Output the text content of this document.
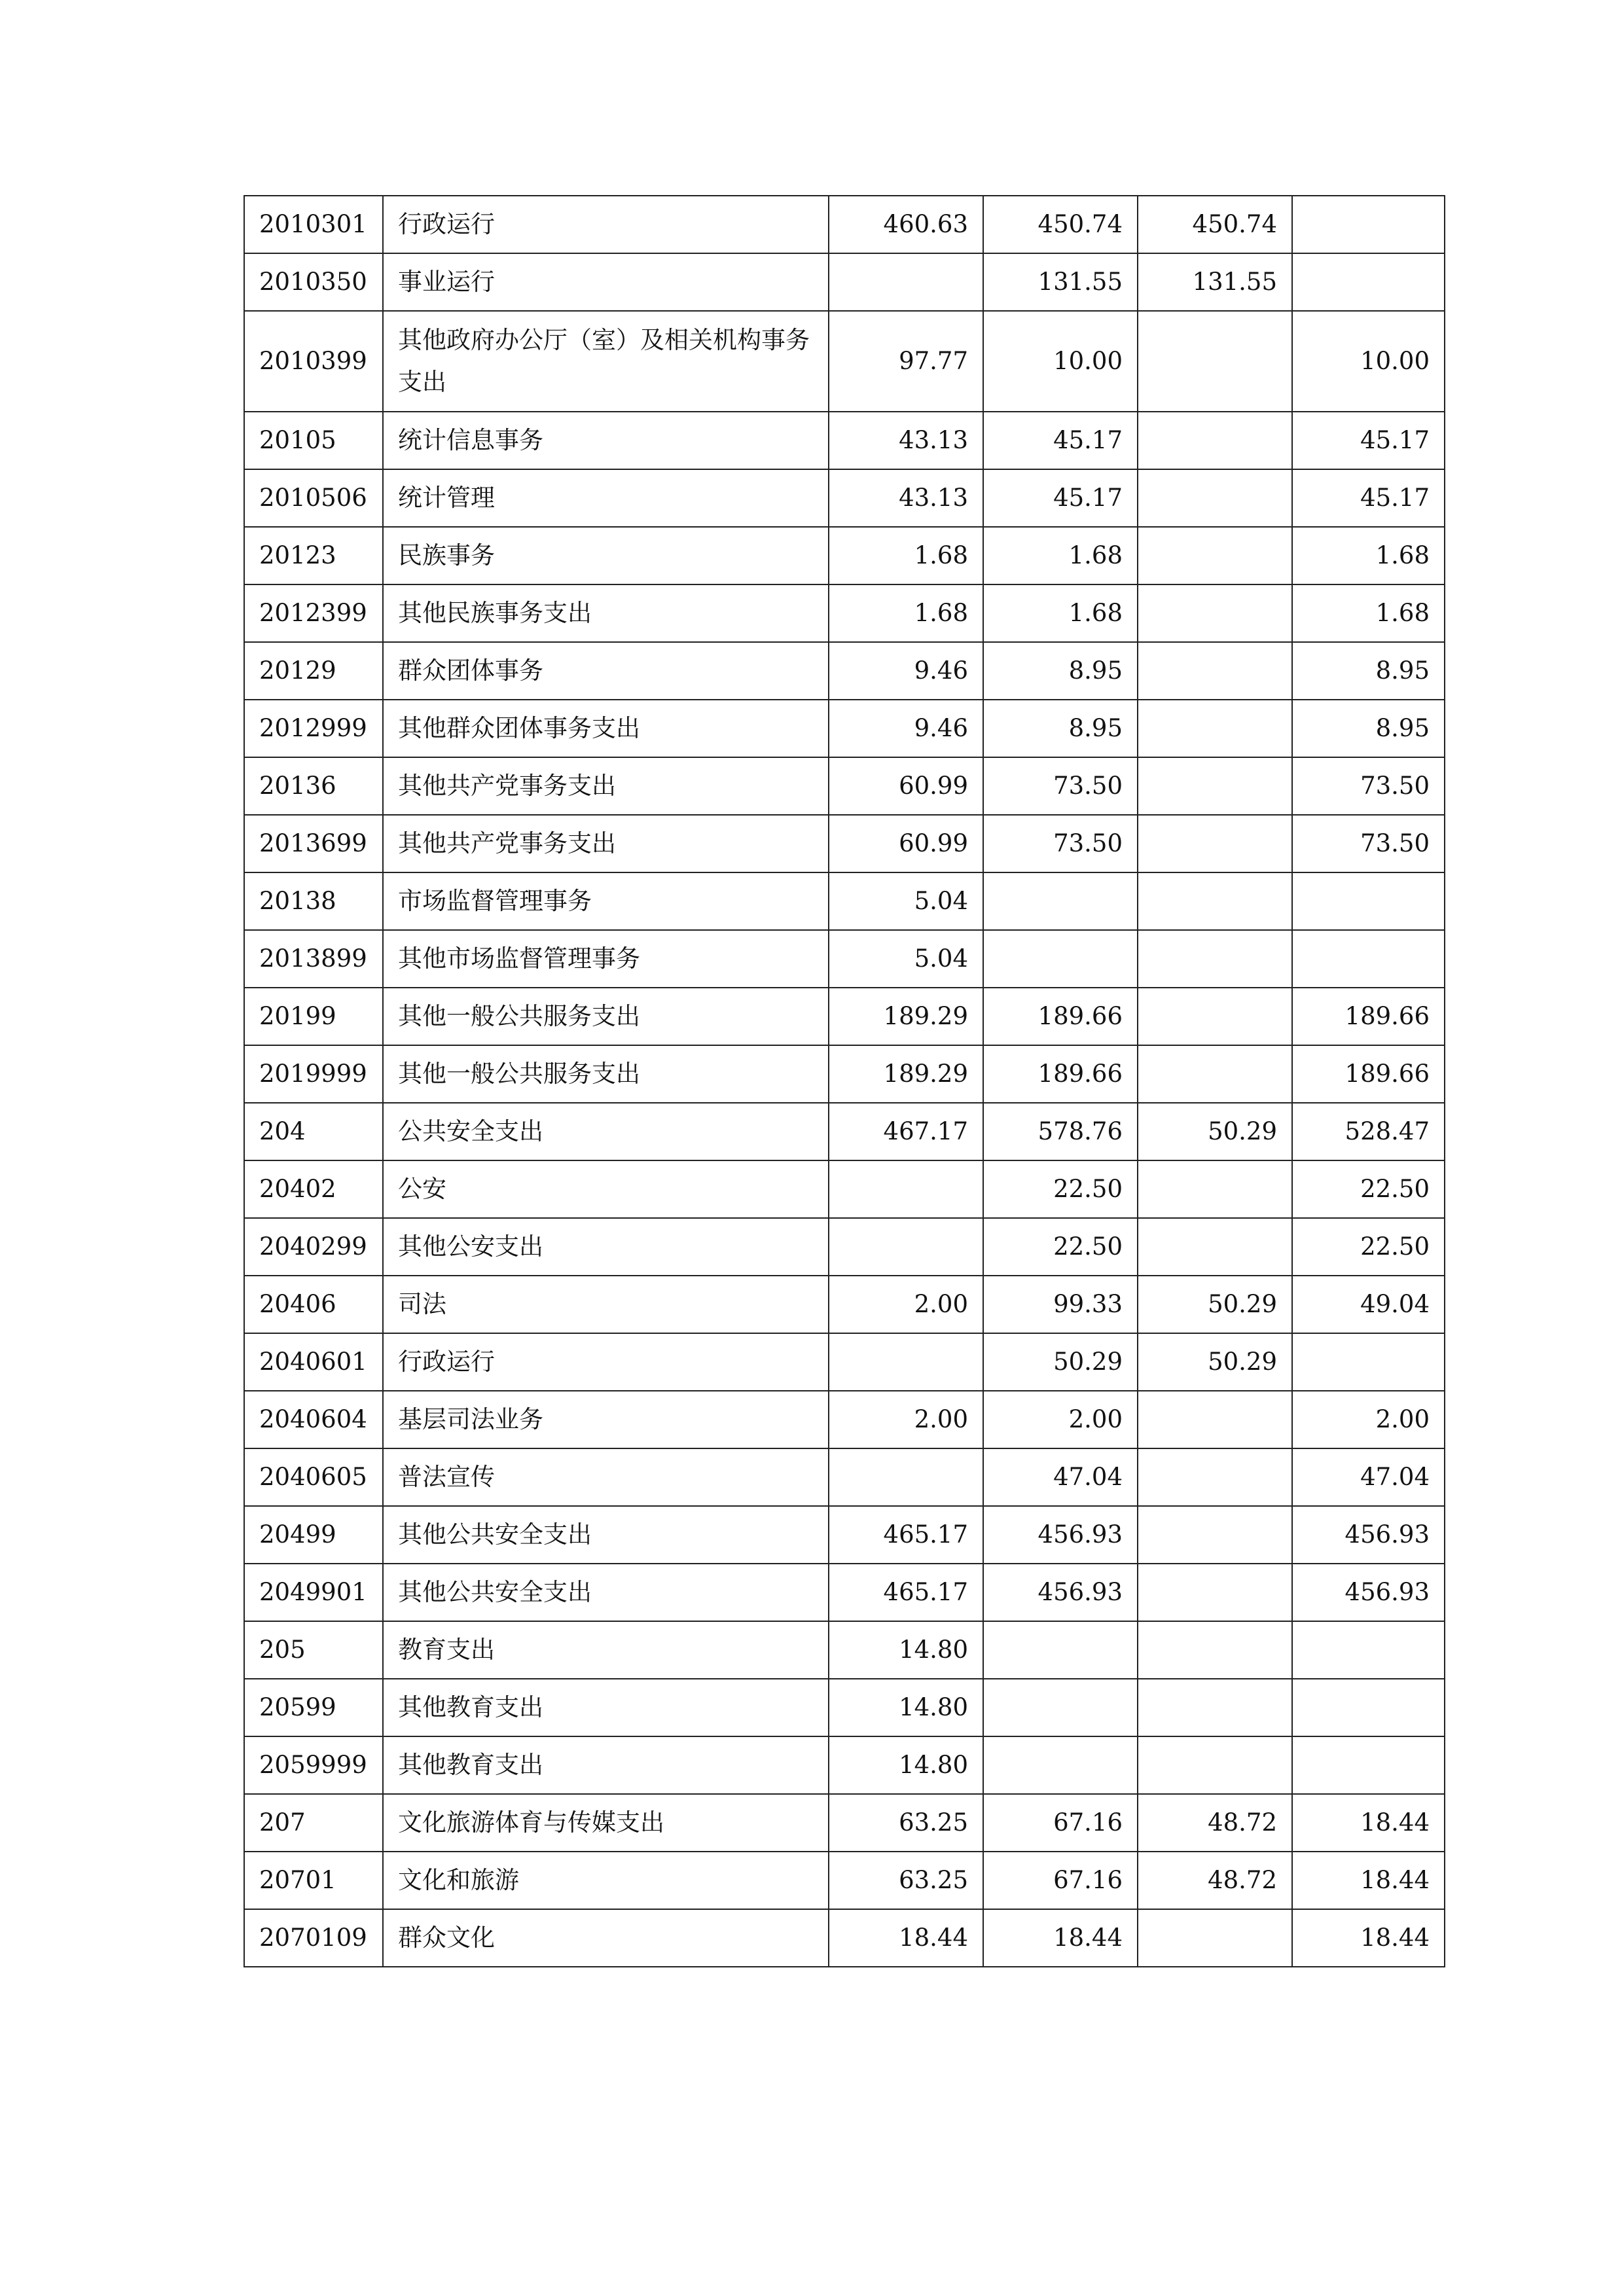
2010301	行政运行	460.63	450.74	450.74	
2010350	事业运行		131.55	131.55	
2010399	其他政府办公厅（室）及相关机构事务支出	97.77	10.00		10.00
20105	统计信息事务	43.13	45.17		45.17
2010506	统计管理	43.13	45.17		45.17
20123	民族事务	1.68	1.68		1.68
2012399	其他民族事务支出	1.68	1.68		1.68
20129	群众团体事务	9.46	8.95		8.95
2012999	其他群众团体事务支出	9.46	8.95		8.95
20136	其他共产党事务支出	60.99	73.50		73.50
2013699	其他共产党事务支出	60.99	73.50		73.50
20138	市场监督管理事务	5.04			
2013899	其他市场监督管理事务	5.04			
20199	其他一般公共服务支出	189.29	189.66		189.66
2019999	其他一般公共服务支出	189.29	189.66		189.66
204	公共安全支出	467.17	578.76	50.29	528.47
20402	公安		22.50		22.50
2040299	其他公安支出		22.50		22.50
20406	司法	2.00	99.33	50.29	49.04
2040601	行政运行		50.29	50.29	
2040604	基层司法业务	2.00	2.00		2.00
2040605	普法宣传		47.04		47.04
20499	其他公共安全支出	465.17	456.93		456.93
2049901	其他公共安全支出	465.17	456.93		456.93
205	教育支出	14.80			
20599	其他教育支出	14.80			
2059999	其他教育支出	14.80			
207	文化旅游体育与传媒支出	63.25	67.16	48.72	18.44
20701	文化和旅游	63.25	67.16	48.72	18.44
2070109	群众文化	18.44	18.44		18.44
